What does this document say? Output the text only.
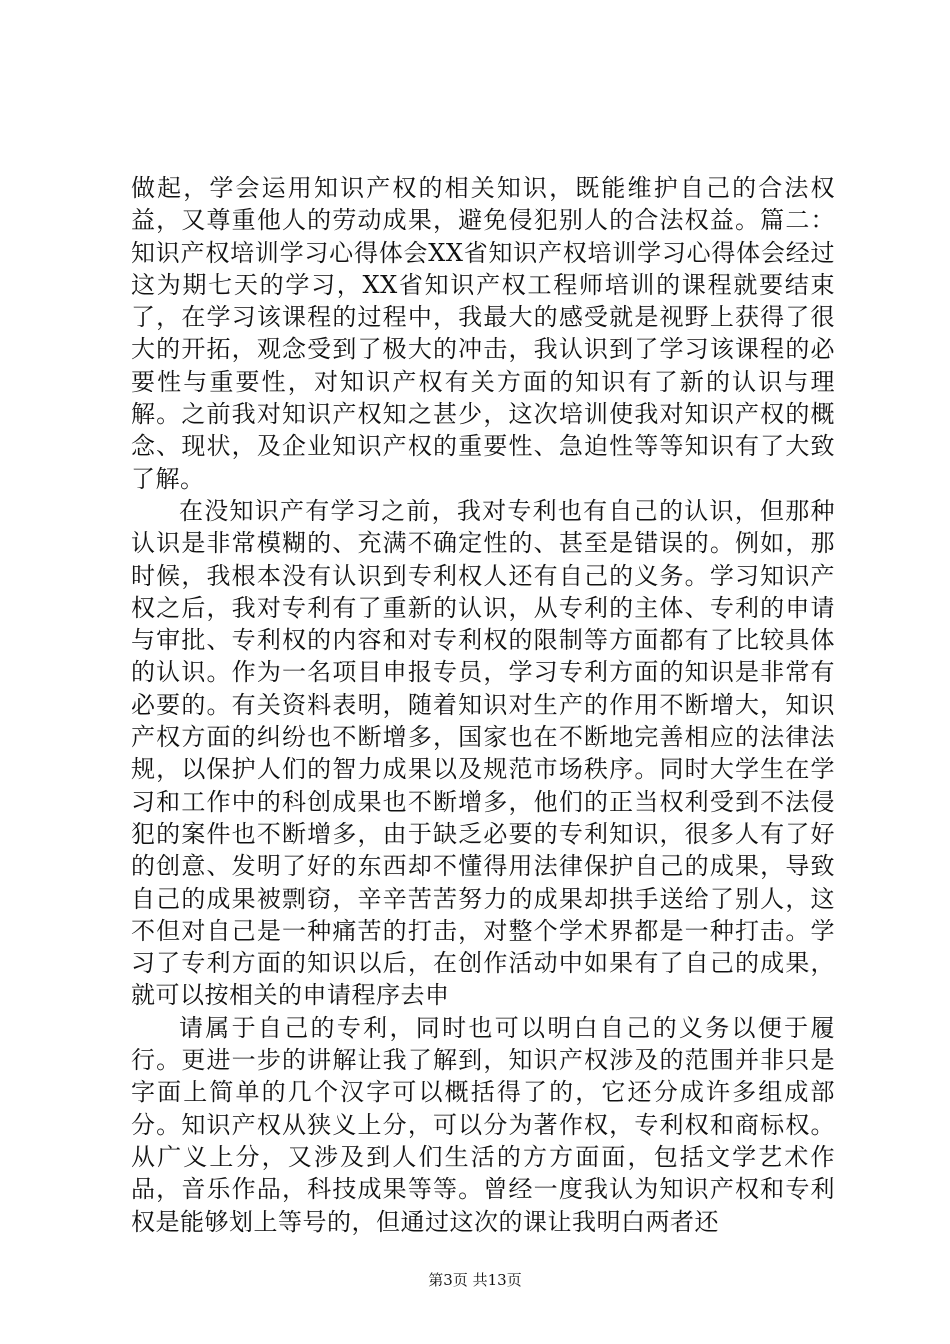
做起，学会运用知识产权的相关知识，既能维护自己的合法权益，又尊重他人的劳动成果，避免侵犯别人的合法权益。篇二：知识产权培训学习心得体会XX省知识产权培训学习心得体会经过这为期七天的学习，XX省知识产权工程师培训的课程就要结束了，在学习该课程的过程中，我最大的感受就是视野上获得了很大的开拓，观念受到了极大的冲击，我认识到了学习该课程的必要性与重要性，对知识产权有关方面的知识有了新的认识与理解。之前我对知识产权知之甚少，这次培训使我对知识产权的概念、现状，及企业知识产权的重要性、急迫性等等知识有了大致了解。

在没知识产有学习之前，我对专利也有自己的认识，但那种认识是非常模糊的、充满不确定性的、甚至是错误的。例如，那时候，我根本没有认识到专利权人还有自己的义务。学习知识产权之后，我对专利有了重新的认识，从专利的主体、专利的申请与审批、专利权的内容和对专利权的限制等方面都有了比较具体的认识。作为一名项目申报专员，学习专利方面的知识是非常有必要的。有关资料表明，随着知识对生产的作用不断增大，知识产权方面的纠纷也不断增多，国家也在不断地完善相应的法律法规，以保护人们的智力成果以及规范市场秩序。同时大学生在学习和工作中的科创成果也不断增多，他们的正当权利受到不法侵犯的案件也不断增多，由于缺乏必要的专利知识，很多人有了好的创意、发明了好的东西却不懂得用法律保护自己的成果，导致自己的成果被剽窃，辛辛苦苦努力的成果却拱手送给了别人，这不但对自己是一种痛苦的打击，对整个学术界都是一种打击。学习了专利方面的知识以后，在创作活动中如果有了自己的成果，就可以按相关的申请程序去申

请属于自己的专利，同时也可以明白自己的义务以便于履行。更进一步的讲解让我了解到，知识产权涉及的范围并非只是字面上简单的几个汉字可以概括得了的，它还分成许多组成部分。知识产权从狭义上分，可以分为著作权，专利权和商标权。从广义上分，又涉及到人们生活的方方面面，包括文学艺术作品，音乐作品，科技成果等等。曾经一度我认为知识产权和专利权是能够划上等号的，但通过这次的课让我明白两者还

第3页 共13页
